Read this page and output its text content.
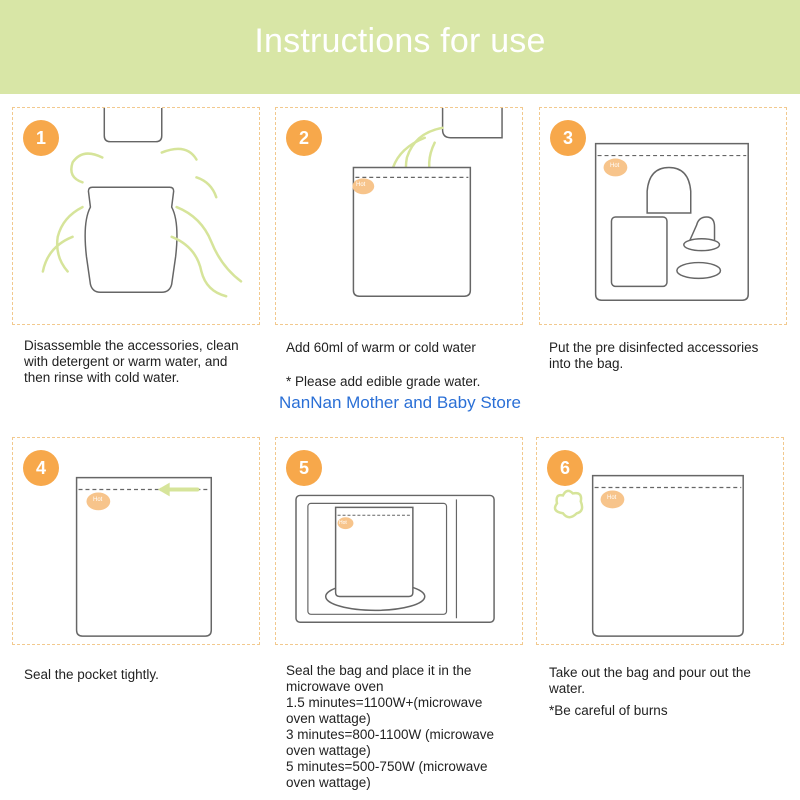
Instructions for use
1	2
Hot
3
Hot
4
Hot
5
Hot
6
Hot
Disassemble the accessories, clean
with detergent or warm water, and
then rinse with cold water.
Add 60ml of warm or cold water
* Please add edible grade water.
Put the pre disinfected accessories
into the bag.
NanNan Mother and Baby Store
Seal the pocket tightly.	Seal the bag and place it in the
microwave oven
1.5 minutes=1100W+(microwave
oven wattage)
3 minutes=800-1100W (microwave
oven wattage)
5 minutes=500-750W (microwave
oven wattage)
Take out the bag and pour out the
water.
*Be careful of burns
